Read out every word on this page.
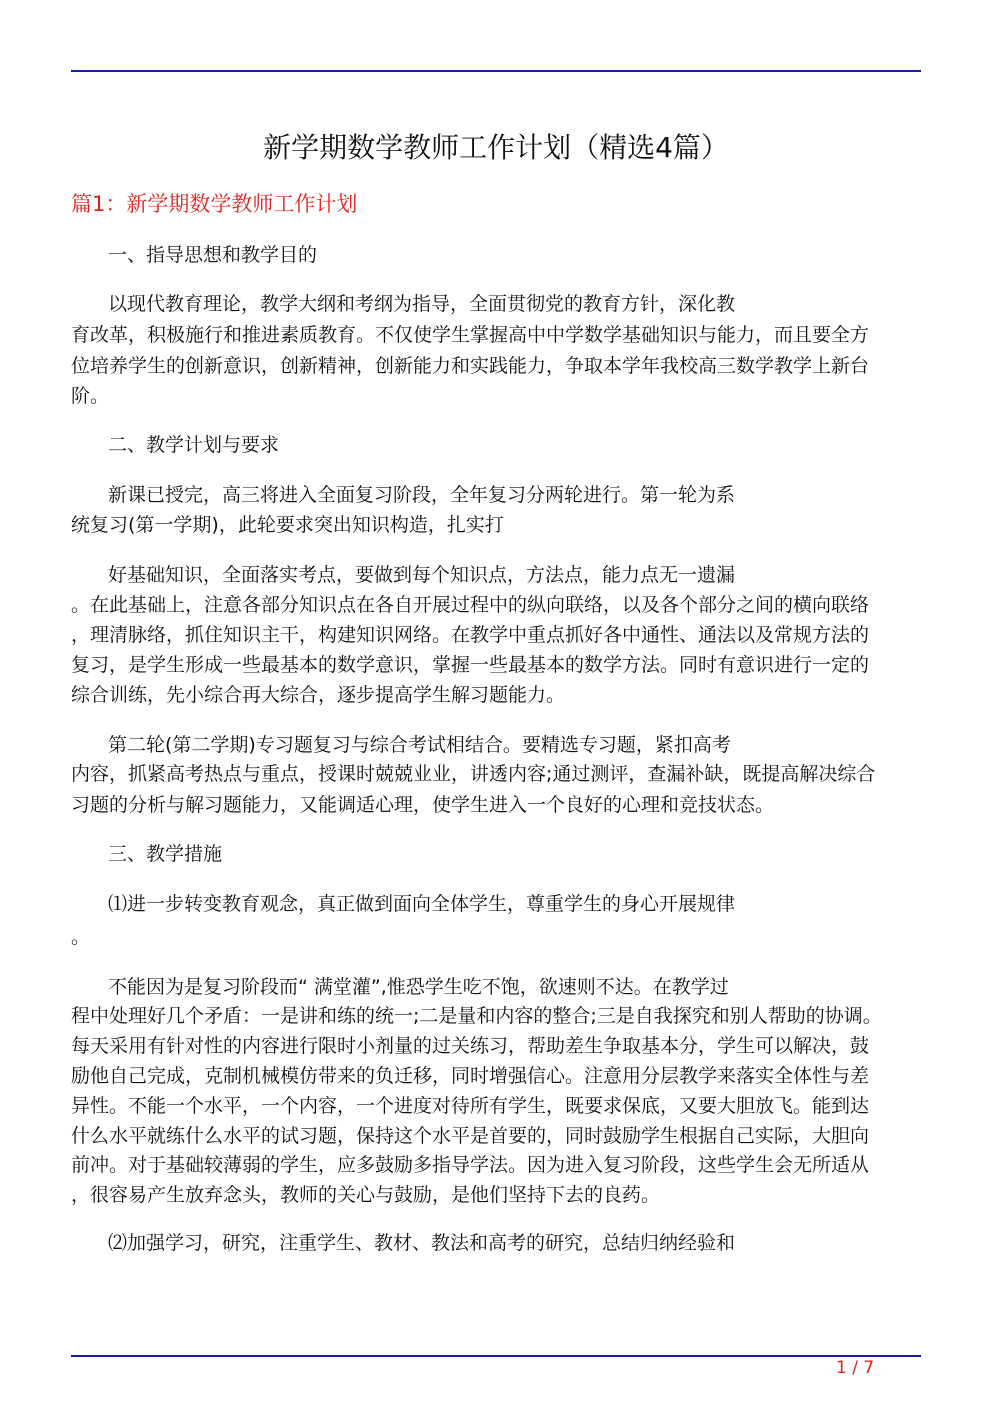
新学期数学教师工作计划（精选4篇）
篇1：新学期数学教师工作计划
一、指导思想和教学目的
以现代教育理论，教学大纲和考纲为指导，全面贯彻党的教育方针，深化教
育改革，积极施行和推进素质教育。不仅使学生掌握高中中学数学基础知识与能力，而且要全方
位培养学生的创新意识，创新精神，创新能力和实践能力，争取本学年我校高三数学教学上新台
阶。
二、教学计划与要求
新课已授完，高三将进入全面复习阶段，全年复习分两轮进行。第一轮为系
统复习(第一学期)，此轮要求突出知识构造，扎实打
好基础知识，全面落实考点，要做到每个知识点，方法点，能力点无一遗漏
。在此基础上，注意各部分知识点在各自开展过程中的纵向联络，以及各个部分之间的横向联络
，理清脉络，抓住知识主干，构建知识网络。在教学中重点抓好各中通性、通法以及常规方法的
复习，是学生形成一些最基本的数学意识，掌握一些最基本的数学方法。同时有意识进行一定的
综合训练，先小综合再大综合，逐步提高学生解习题能力。
第二轮(第二学期)专习题复习与综合考试相结合。要精选专习题，紧扣高考
内容，抓紧高考热点与重点，授课时兢兢业业，讲透内容;通过测评，查漏补缺，既提高解决综合
习题的分析与解习题能力，又能调适心理，使学生进入一个良好的心理和竞技状态。
三、教学措施
⑴进一步转变教育观念，真正做到面向全体学生，尊重学生的身心开展规律
。
不能因为是复习阶段而“ 满堂灌”,惟恐学生吃不饱，欲速则不达。在教学过
程中处理好几个矛盾：一是讲和练的统一;二是量和内容的整合;三是自我探究和别人帮助的协调。
每天采用有针对性的内容进行限时小剂量的过关练习，帮助差生争取基本分，学生可以解决，鼓
励他自己完成，克制机械模仿带来的负迁移，同时增强信心。注意用分层教学来落实全体性与差
异性。不能一个水平，一个内容，一个进度对待所有学生，既要求保底，又要大胆放飞。能到达
什么水平就练什么水平的试习题，保持这个水平是首要的，同时鼓励学生根据自己实际，大胆向
前冲。对于基础较薄弱的学生，应多鼓励多指导学法。因为进入复习阶段，这些学生会无所适从
，很容易产生放弃念头，教师的关心与鼓励，是他们坚持下去的良药。
⑵加强学习，研究，注重学生、教材、教法和高考的研究，总结归纳经验和
1 / 7
